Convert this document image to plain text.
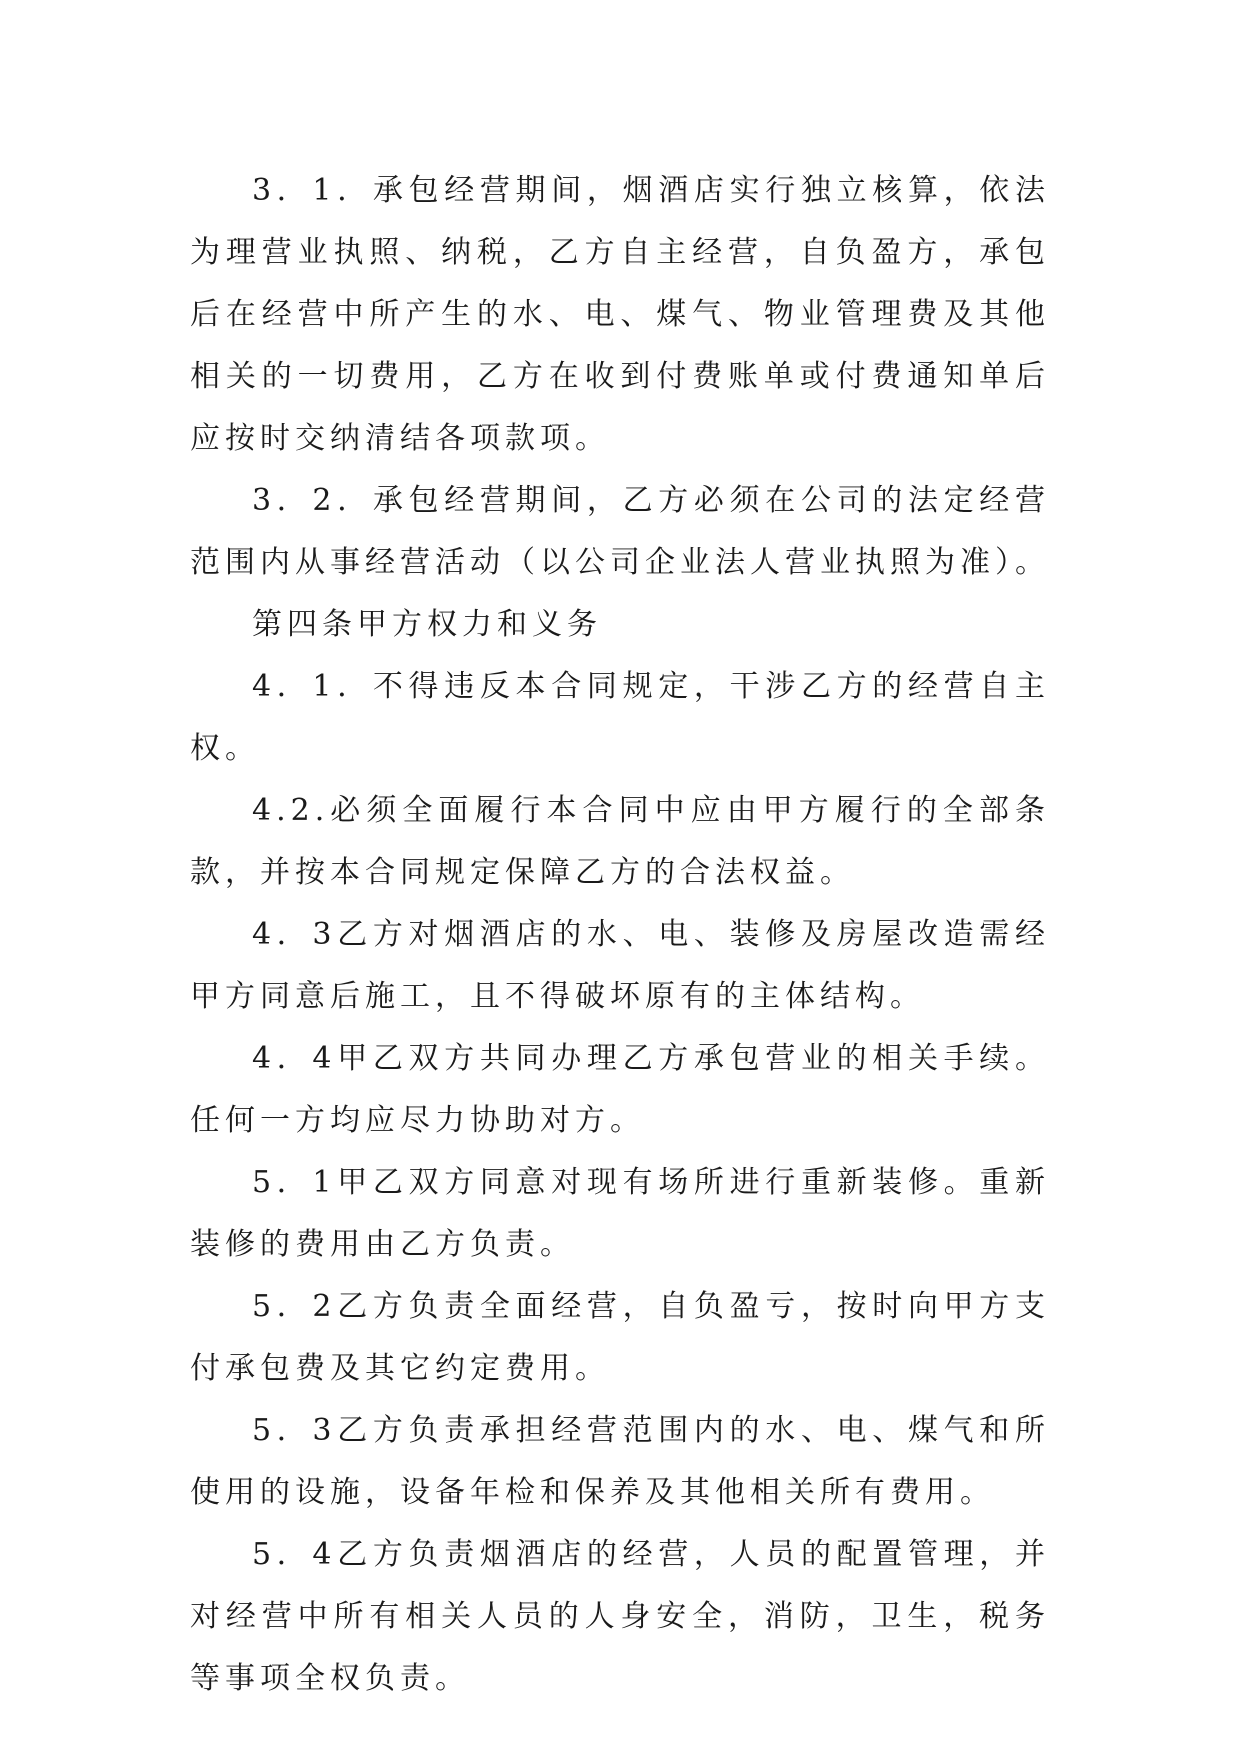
3．1．承包经营期间，烟酒店实行独立核算，依法为理营业执照、纳税，乙方自主经营，自负盈方，承包后在经营中所产生的水、电、煤气、物业管理费及其他相关的一切费用，乙方在收到付费账单或付费通知单后应按时交纳清结各项款项。

3．2．承包经营期间，乙方必须在公司的法定经营范围内从事经营活动（以公司企业法人营业执照为准）。

第四条甲方权力和义务

4．1．不得违反本合同规定，干涉乙方的经营自主权。

4.2.必须全面履行本合同中应由甲方履行的全部条款，并按本合同规定保障乙方的合法权益。

4．3乙方对烟酒店的水、电、装修及房屋改造需经甲方同意后施工，且不得破坏原有的主体结构。

4．4甲乙双方共同办理乙方承包营业的相关手续。任何一方均应尽力协助对方。

5．1甲乙双方同意对现有场所进行重新装修。重新装修的费用由乙方负责。

5．2乙方负责全面经营，自负盈亏，按时向甲方支付承包费及其它约定费用。

5．3乙方负责承担经营范围内的水、电、煤气和所使用的设施，设备年检和保养及其他相关所有费用。

5．4乙方负责烟酒店的经营，人员的配置管理，并对经营中所有相关人员的人身安全，消防，卫生，税务等事项全权负责。
